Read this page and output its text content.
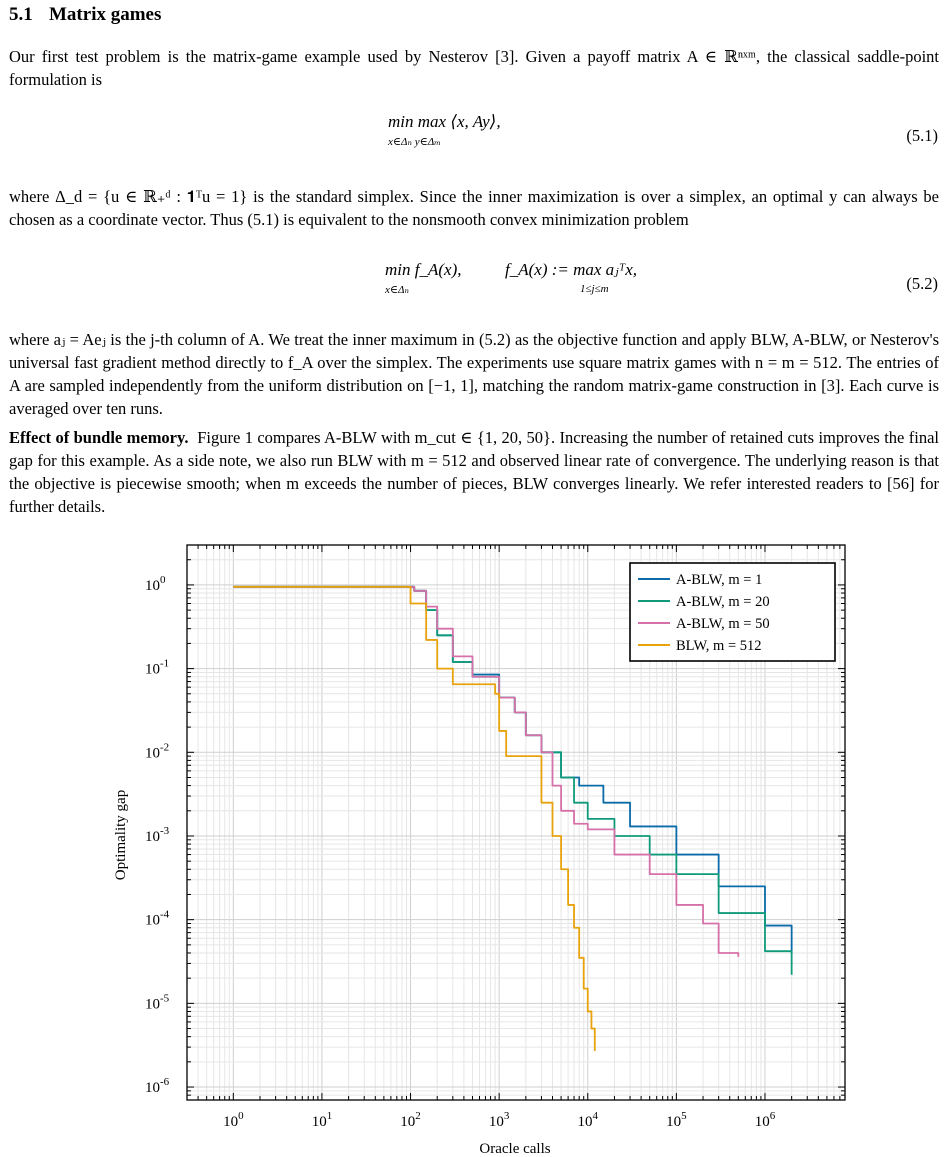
5.1 Matrix games

Our first test problem is the matrix-game example used by Nesterov [3]. Given a payoff matrix A ∈ ℝⁿˣᵐ, the classical saddle-point formulation is

min max ⟨x, Ay⟩,
x∈Δₙ y∈Δₘ	(5.1)

where Δ_d = {u ∈ ℝ₊ᵈ : 𝟏ᵀu = 1} is the standard simplex. Since the inner maximization is over a simplex, an optimal y can always be chosen as a coordinate vector. Thus (5.1) is equivalent to the nonsmooth convex minimization problem

min f_A(x),
x∈Δₙ
f_A(x) := max aⱼᵀx,
1≤j≤m	(5.2)

where aⱼ = Aeⱼ is the j-th column of A. We treat the inner maximum in (5.2) as the objective function and apply BLW, A-BLW, or Nesterov's universal fast gradient method directly to f_A over the simplex. The experiments use square matrix games with n = m = 512. The entries of A are sampled independently from the uniform distribution on [−1, 1], matching the random matrix-game construction in [3]. Each curve is averaged over ten runs.

Effect of bundle memory. Figure 1 compares A-BLW with m_cut ∈ {1, 20, 50}. Increasing the number of retained cuts improves the final gap for this example. As a side note, we also run BLW with m = 512 and observed linear rate of convergence. The underlying reason is that the objective is piecewise smooth; when m exceeds the number of pieces, BLW converges linearly. We refer interested readers to [56] for further details.

$10^0$	$10^1$	$10^2$	$10^3$	$10^4$	$10^5$	$10^6$
$10^0$
$10^{-1}$
$10^{-2}$
$10^{-3}$
$10^{-4}$
$10^{-5}$
$10^{-6}$
Oracle calls
Optimality gap
A-BLW, m = 1
A-BLW, m = 20
A-BLW, m = 50
BLW, m = 512
